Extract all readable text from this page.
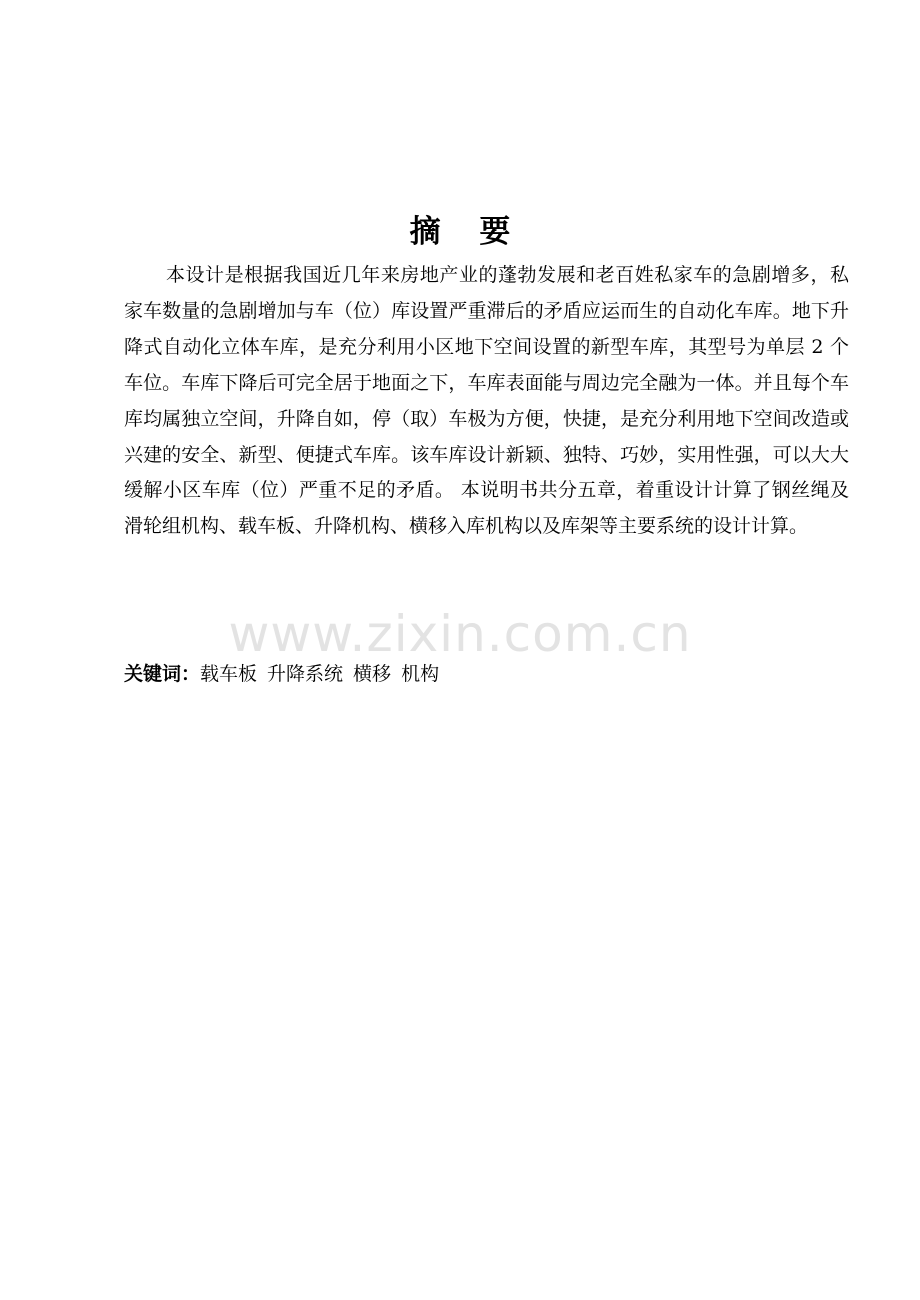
摘 要

本设计是根据我国近几年来房地产业的蓬勃发展和老百姓私家车的急剧增多，私家车数量的急剧增加与车（位）库设置严重滞后的矛盾应运而生的自动化车库。地下升降式自动化立体车库，是充分利用小区地下空间设置的新型车库，其型号为单层 2 个车位。车库下降后可完全居于地面之下，车库表面能与周边完全融为一体。并且每个车库均属独立空间，升降自如，停（取）车极为方便，快捷，是充分利用地下空间改造或兴建的安全、新型、便捷式车库。该车库设计新颖、独特、巧妙，实用性强，可以大大缓解小区车库（位）严重不足的矛盾。 本说明书共分五章，着重设计计算了钢丝绳及滑轮组机构、载车板、升降机构、横移入库机构以及库架等主要系统的设计计算。

www.zixin.com.cn
关键词：载车板 升降系统 横移 机构
